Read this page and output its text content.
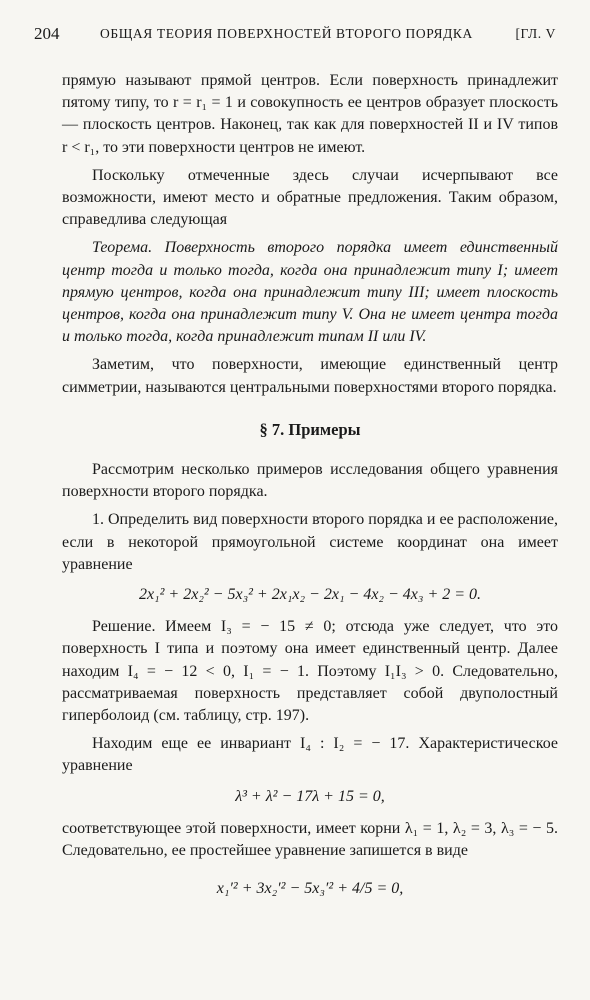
204	ОБЩАЯ ТЕОРИЯ ПОВЕРХНОСТЕЙ ВТОРОГО ПОРЯДКА	[ГЛ. V

прямую называют прямой центров. Если поверхность принадлежит пятому типу, то r = r₁ = 1 и совокупность ее центров образует плоскость — плоскость центров. Наконец, так как для поверхностей II и IV типов r < r₁, то эти поверхности центров не имеют.

Поскольку отмеченные здесь случаи исчерпывают все возможности, имеют место и обратные предложения. Таким образом, справедлива следующая

Теорема. Поверхность второго порядка имеет единственный центр тогда и только тогда, когда она принадлежит типу I; имеет прямую центров, когда она принадлежит типу III; имеет плоскость центров, когда она принадлежит типу V. Она не имеет центра тогда и только тогда, когда принадлежит типам II или IV.

Заметим, что поверхности, имеющие единственный центр симметрии, называются центральными поверхностями второго порядка.

§ 7. Примеры

Рассмотрим несколько примеров исследования общего уравнения поверхности второго порядка.

1. Определить вид поверхности второго порядка и ее расположение, если в некоторой прямоугольной системе координат она имеет уравнение

2x₁² + 2x₂² − 5x₃² + 2x₁x₂ − 2x₁ − 4x₂ − 4x₃ + 2 = 0.

Решение. Имеем I₃ = − 15 ≠ 0; отсюда уже следует, что это поверхность I типа и поэтому она имеет единственный центр. Далее находим I₄ = − 12 < 0, I₁ = − 1. Поэтому I₁I₃ > 0. Следовательно, рассматриваемая поверхность представляет собой двуполостный гиперболоид (см. таблицу, стр. 197).

Находим еще ее инвариант I₄ : I₂ = − 17. Характеристическое уравнение

λ³ + λ² − 17λ + 15 = 0,

соответствующее этой поверхности, имеет корни λ₁ = 1, λ₂ = 3, λ₃ = − 5. Следовательно, ее простейшее уравнение запишется в виде

x₁′² + 3x₂′² − 5x₃′² + 4/5 = 0,
